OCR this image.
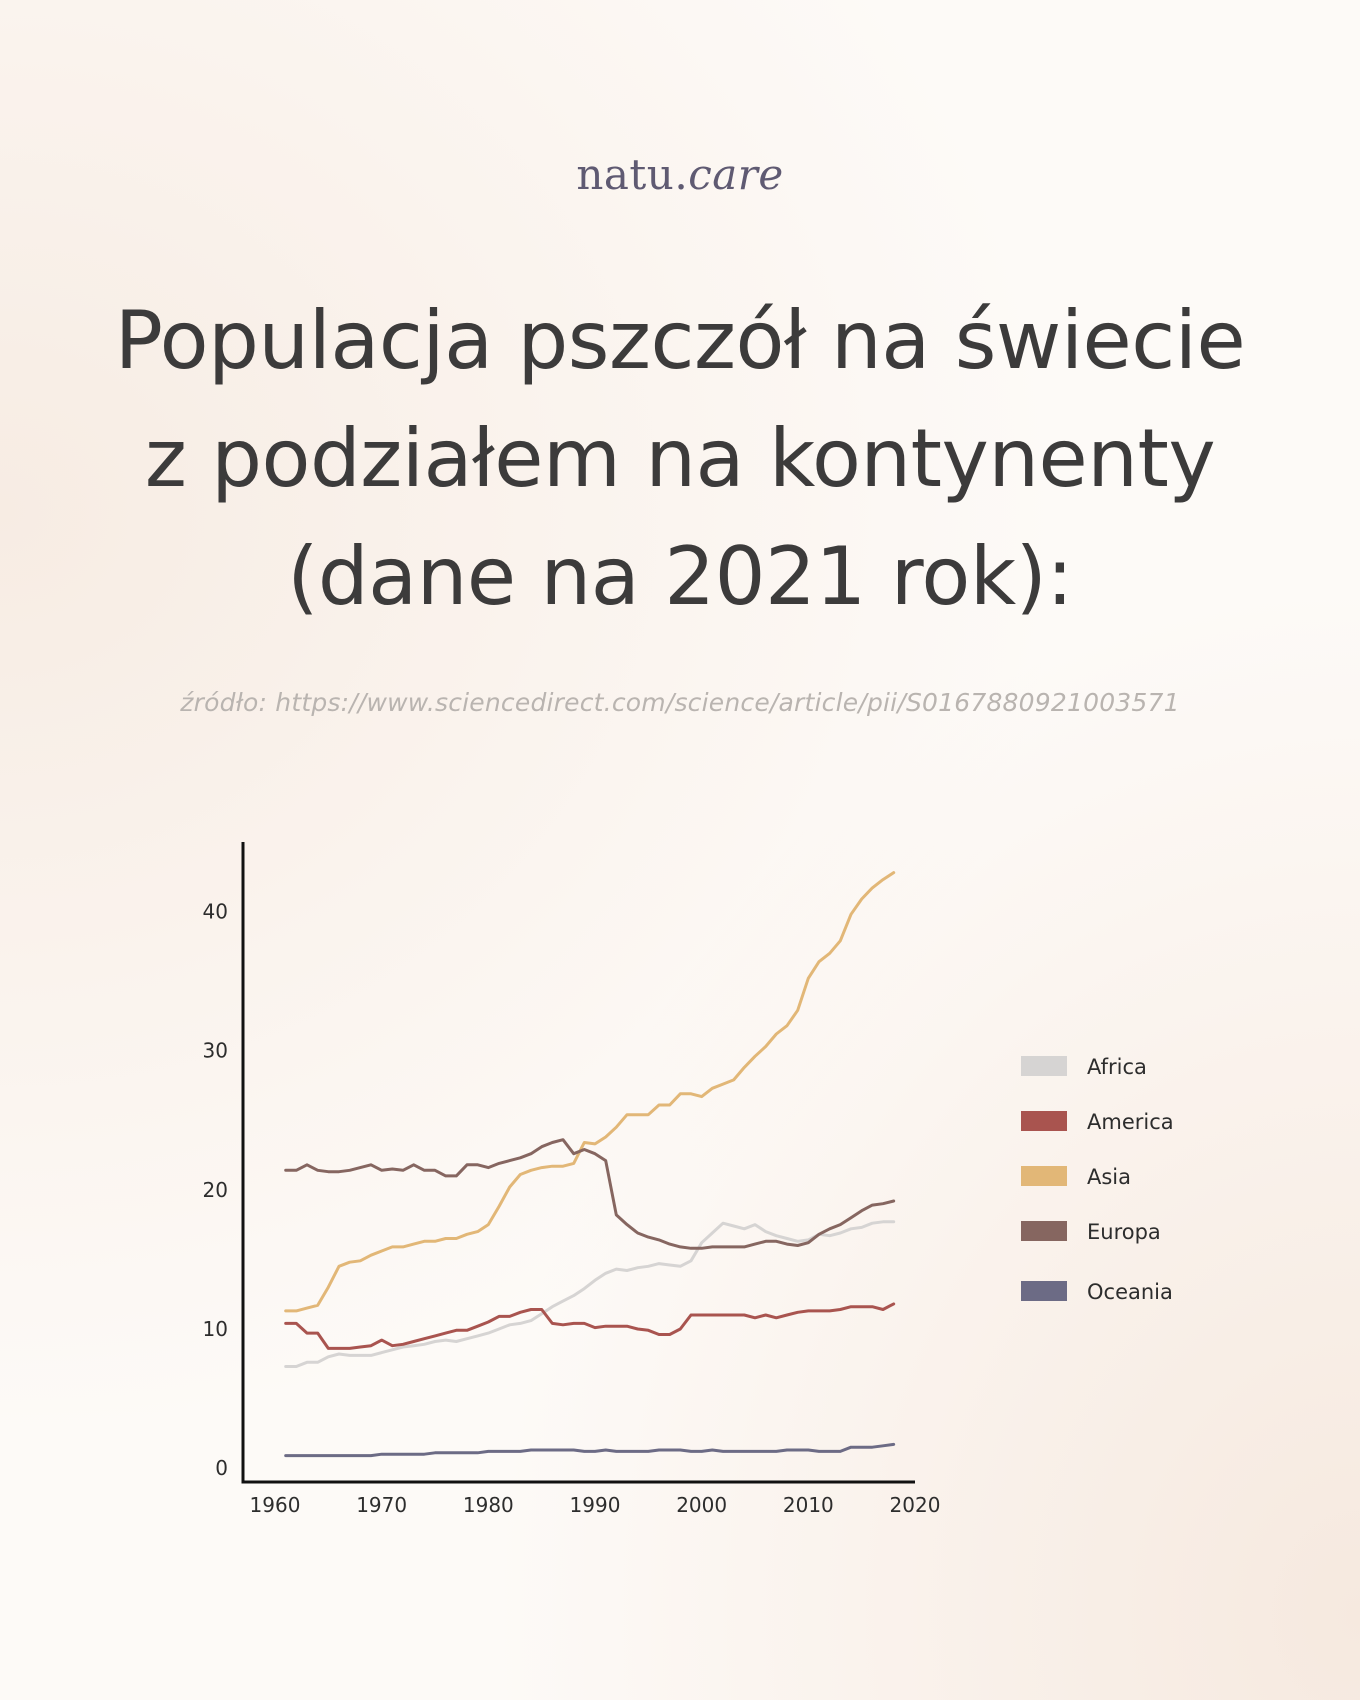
natu.care
Populacja pszczół na świecie
z podziałem na kontynenty
(dane na 2021 rok):
źródło: https://www.sciencedirect.com/science/article/pii/S0167880921003571
0
10
20
30
40
1960	1970	1980	1990	2000	2010	2020
Africa
America
Asia
Europa
Oceania
